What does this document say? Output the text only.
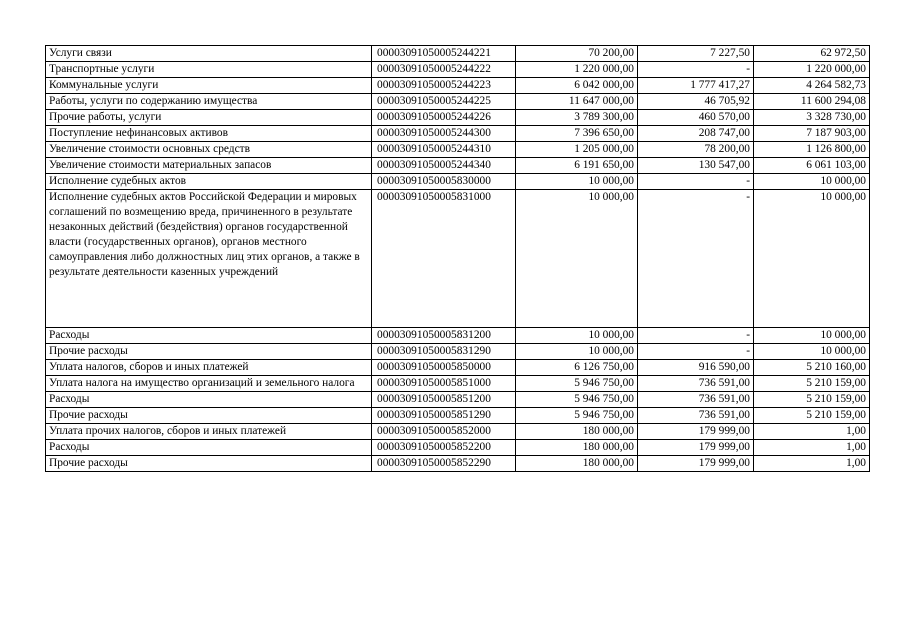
Услуги связи	00003091050005244221	70 200,00	7 227,50	62 972,50
Транспортные услуги	00003091050005244222	1 220 000,00	-	1 220 000,00
Коммунальные услуги	00003091050005244223	6 042 000,00	1 777 417,27	4 264 582,73
Работы, услуги по содержанию имущества	00003091050005244225	11 647 000,00	46 705,92	11 600 294,08
Прочие работы, услуги	00003091050005244226	3 789 300,00	460 570,00	3 328 730,00
Поступление нефинансовых активов	00003091050005244300	7 396 650,00	208 747,00	7 187 903,00
Увеличение стоимости основных средств	00003091050005244310	1 205 000,00	78 200,00	1 126 800,00
Увеличение стоимости материальных запасов	00003091050005244340	6 191 650,00	130 547,00	6 061 103,00
Исполнение судебных актов	00003091050005830000	10 000,00	-	10 000,00
Исполнение судебных актов Российской Федерации и мировых соглашений по возмещению вреда, причиненного в результате незаконных действий (бездействия) органов государственной власти (государственных органов), органов местного самоуправления либо должностных лиц этих органов, а также в результате деятельности казенных учреждений	00003091050005831000	10 000,00	-	10 000,00
Расходы	00003091050005831200	10 000,00	-	10 000,00
Прочие расходы	00003091050005831290	10 000,00	-	10 000,00
Уплата налогов, сборов и иных платежей	00003091050005850000	6 126 750,00	916 590,00	5 210 160,00
Уплата налога на имущество организаций и земельного налога	00003091050005851000	5 946 750,00	736 591,00	5 210 159,00
Расходы	00003091050005851200	5 946 750,00	736 591,00	5 210 159,00
Прочие расходы	00003091050005851290	5 946 750,00	736 591,00	5 210 159,00
Уплата прочих налогов, сборов и иных платежей	00003091050005852000	180 000,00	179 999,00	1,00
Расходы	00003091050005852200	180 000,00	179 999,00	1,00
Прочие расходы	00003091050005852290	180 000,00	179 999,00	1,00
